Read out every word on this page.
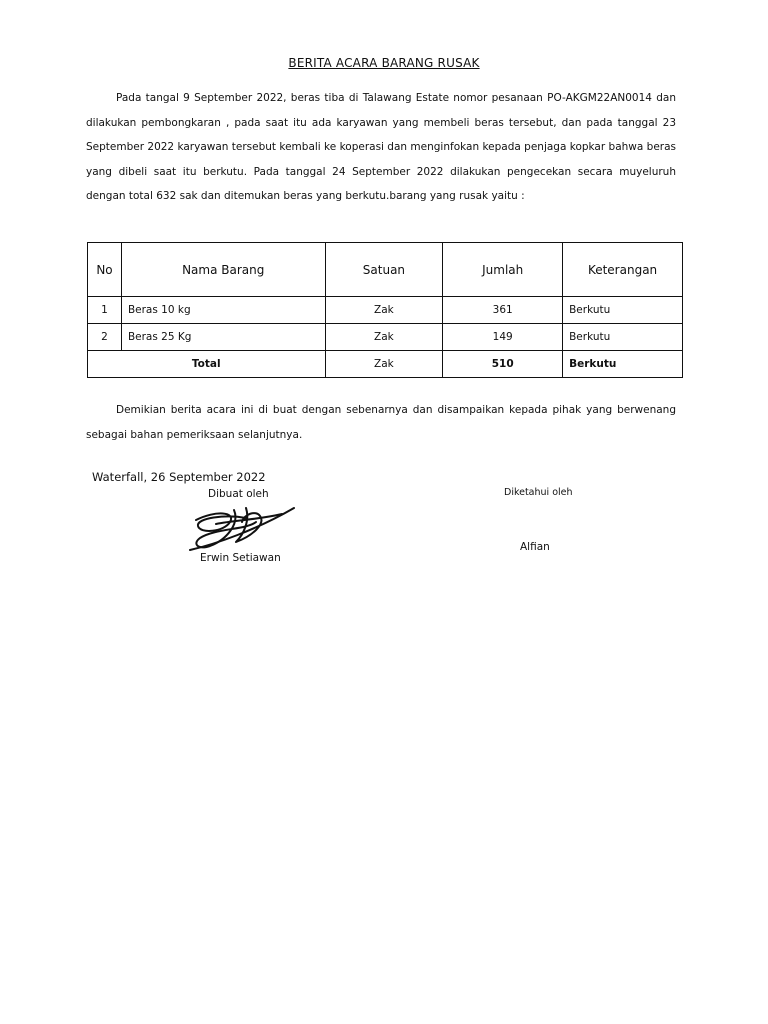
BERITA ACARA BARANG RUSAK

Pada tangal 9 September 2022, beras tiba di Talawang Estate nomor pesanaan PO-AKGM22AN0014 dan dilakukan pembongkaran , pada saat itu ada karyawan yang membeli beras tersebut, dan pada tanggal 23 September 2022 karyawan tersebut kembali ke koperasi dan menginfokan kepada penjaga kopkar bahwa beras yang dibeli saat itu berkutu. Pada tanggal 24 September 2022 dilakukan pengecekan secara muyeluruh dengan total 632 sak dan ditemukan beras yang berkutu.barang yang rusak yaitu :

No	Nama Barang	Satuan	Jumlah	Keterangan
1	Beras 10 kg	Zak	361	Berkutu
2	Beras 25 Kg	Zak	149	Berkutu
Total		Zak	510	Berkutu

Demikian berita acara ini di buat dengan sebenarnya dan disampaikan kepada pihak yang berwenang sebagai bahan pemeriksaan selanjutnya.

Waterfall, 26 September 2022
Dibuat oleh
Erwin Setiawan
Diketahui oleh
Alfian
